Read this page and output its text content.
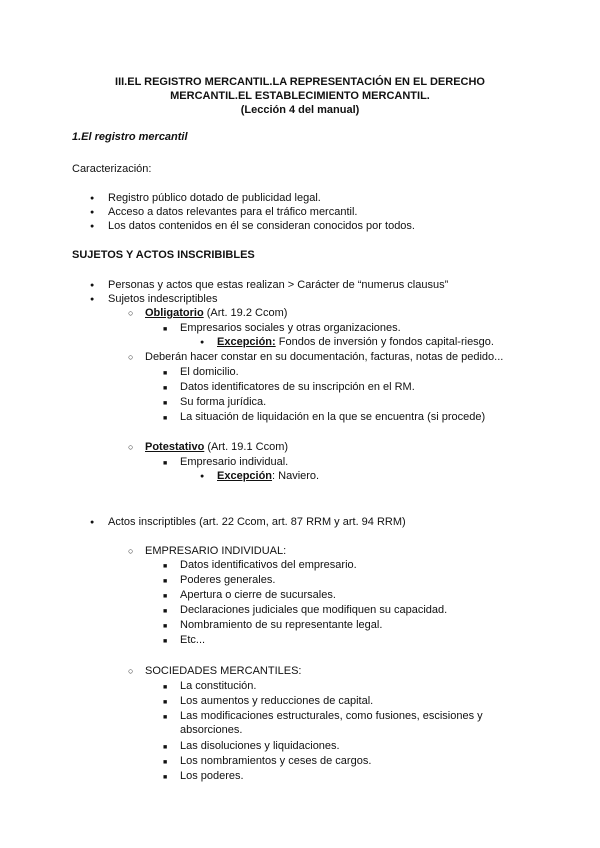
III.EL REGISTRO MERCANTIL.LA REPRESENTACIÓN EN EL DERECHO
MERCANTIL.EL ESTABLECIMIENTO MERCANTIL.
(Lección 4 del manual)
1.El registro mercantil
Caracterización:
●
Registro público dotado de publicidad legal.
●
Acceso a datos relevantes para el tráfico mercantil.
●
Los datos contenidos en él se consideran conocidos por todos.
SUJETOS Y ACTOS INSCRIBIBLES
●
Personas y actos que estas realizan > Carácter de “numerus clausus”
●
Sujetos indescriptibles
○
Obligatorio (Art. 19.2 Ccom)
■
Empresarios sociales y otras organizaciones.
●
Excepción: Fondos de inversión y fondos capital-riesgo.
○
Deberán hacer constar en su documentación, facturas, notas de pedido...
■
El domicilio.
■
Datos identificatores de su inscripción en el RM.
■
Su forma jurídica.
■
La situación de liquidación en la que se encuentra (si procede)
○
Potestativo (Art. 19.1 Ccom)
■
Empresario individual.
●
Excepción: Naviero.
●
Actos inscriptibles (art. 22 Ccom, art. 87 RRM y art. 94 RRM)
○
EMPRESARIO INDIVIDUAL:
■
Datos identificativos del empresario.
■
Poderes generales.
■
Apertura o cierre de sucursales.
■
Declaraciones judiciales que modifiquen su capacidad.
■
Nombramiento de su representante legal.
■
Etc...
○
SOCIEDADES MERCANTILES:
■
La constitución.
■
Los aumentos y reducciones de capital.
■
Las modificaciones estructurales, como fusiones, escisiones y absorciones.
■
Las disoluciones y liquidaciones.
■
Los nombramientos y ceses de cargos.
■
Los poderes.
